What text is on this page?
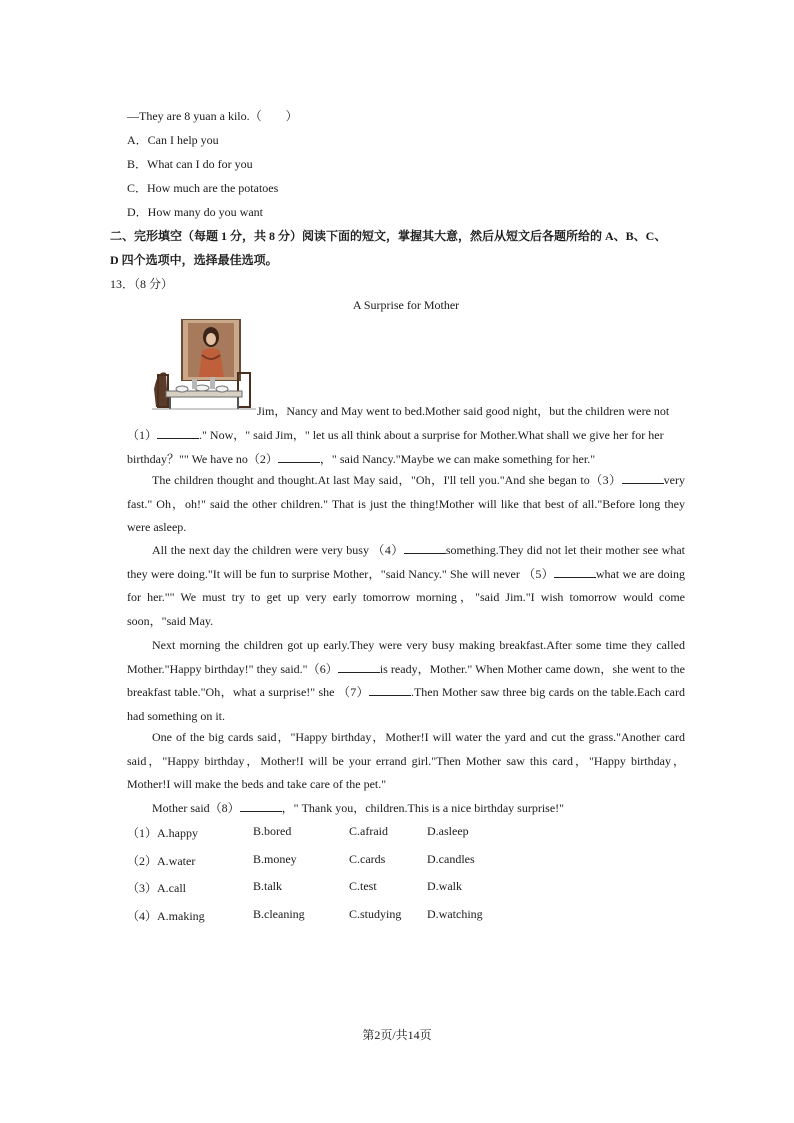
—They are 8 yuan a kilo.（　　）
A．Can I help you
B．What can I do for you
C．How much are the potatoes
D．How many do you want
二、完形填空（每题 1 分，共 8 分）阅读下面的短文，掌握其大意，然后从短文后各题所给的 A、B、C、
D 四个选项中，选择最佳选项。
13．（8 分）
A Surprise for Mother
Jim，Nancy and May went to bed.Mother said good night，but the children were not
（1）	." Now，" said Jim，" let us all think about a surprise for Mother.What shall we give her for her
birthday？"" We have no（2）	，" said Nancy."Maybe we can make something for her."
The children thought and thought.At last May said，"Oh，I'll tell you."And she began to（3）	very fast." Oh，oh!" said the other children." That is just the thing!Mother will like that best of all."Before long they were asleep.
All the next day the children were very busy （4）	something.They did not let their mother see what they were doing."It will be fun to surprise Mother，"said Nancy." She will never （5）	what we are doing for her."" We must try to get up very early tomorrow morning，"said Jim."I wish tomorrow would come soon，"said May.
Next morning the children got up early.They were very busy making breakfast.After some time they called Mother."Happy birthday!" they said."（6）	is ready，Mother." When Mother came down，she went to the breakfast table."Oh，what a surprise!" she （7）	.Then Mother saw three big cards on the table.Each card had something on it.
One of the big cards said，"Happy birthday，Mother!I will water the yard and cut the grass."Another card said，"Happy birthday，Mother!I will be your errand girl."Then Mother saw this card，"Happy birthday，Mother!I will make the beds and take care of the pet."
Mother said（8）	，" Thank you，children.This is a nice birthday surprise!"
（1）A.happy	B.bored	C.afraid	D.asleep
（2）A.water	B.money	C.cards	D.candles
（3）A.call	B.talk	C.test	D.walk
（4）A.making	B.cleaning	C.studying D.watching
第2页/共14页
